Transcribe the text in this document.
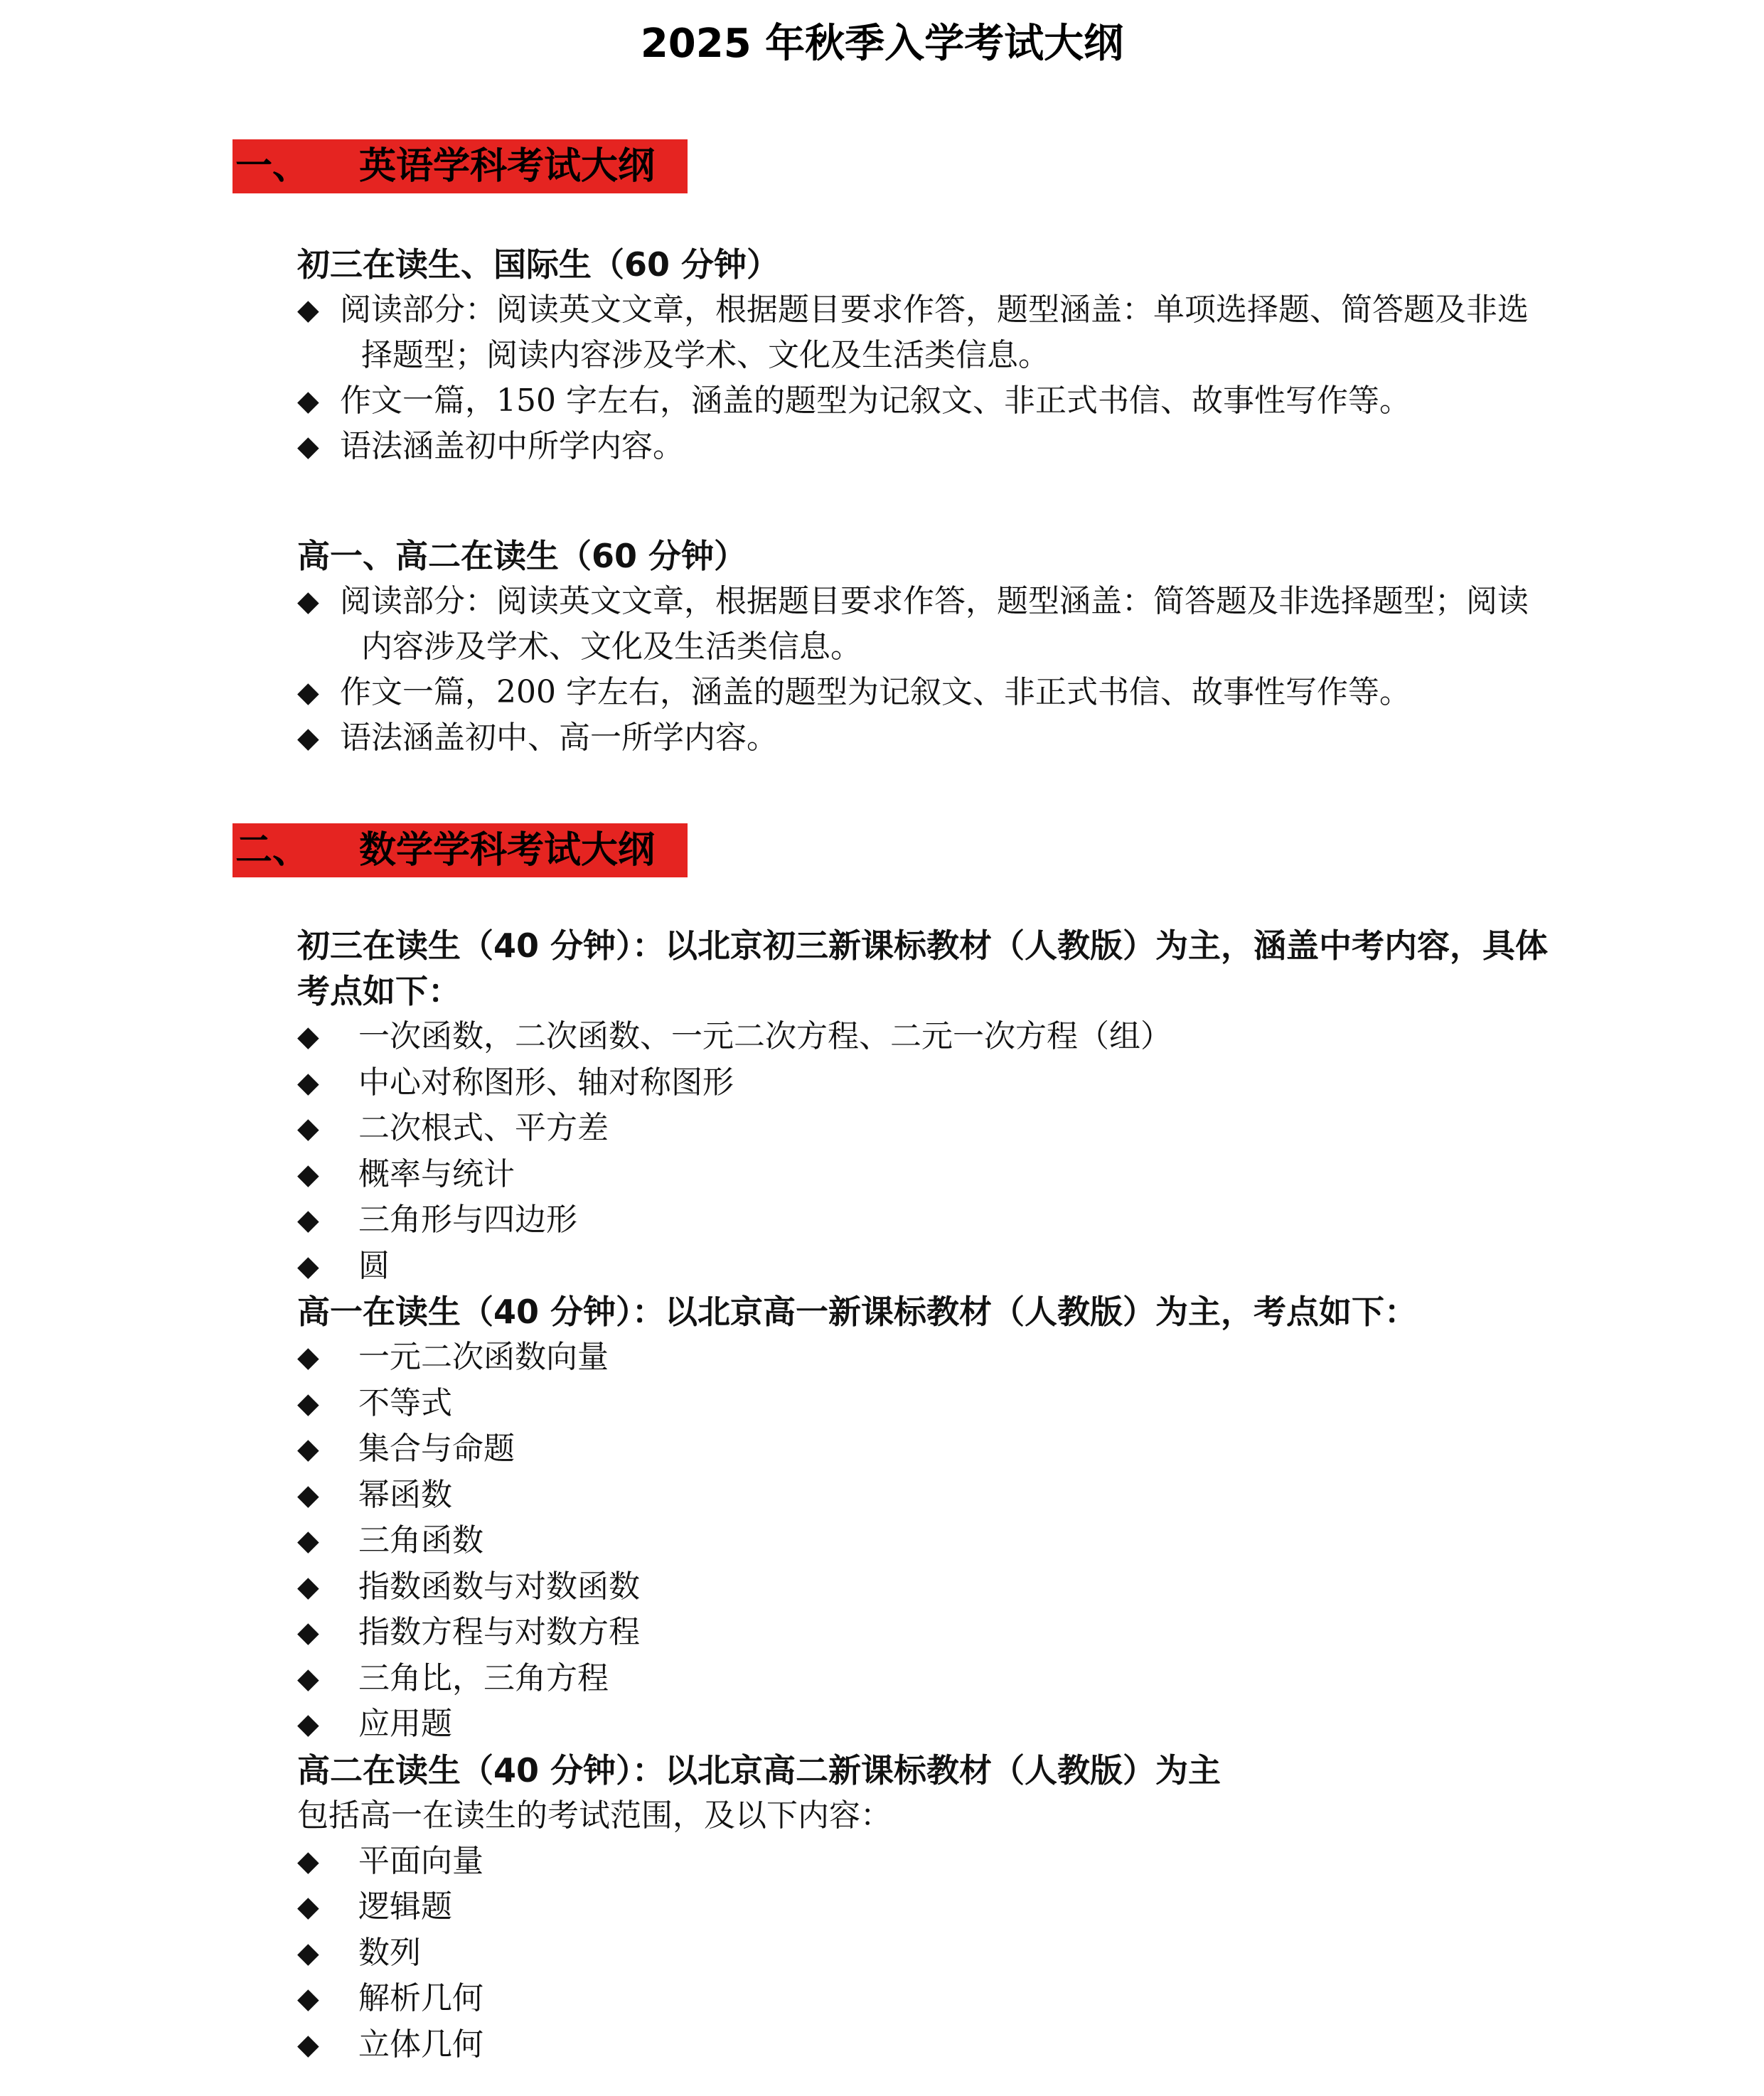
2025 年秋季入学考试大纲
一、 英语学科考试大纲

初三在读生、国际生（60 分钟）

◆ 阅读部分：阅读英文文章，根据题目要求作答，题型涵盖：单项选择题、简答题及非选择题型；阅读内容涉及学术、文化及生活类信息。
◆ 作文一篇，150 字左右，涵盖的题型为记叙文、非正式书信、故事性写作等。
◆ 语法涵盖初中所学内容。

高一、高二在读生（60 分钟）

◆ 阅读部分：阅读英文文章，根据题目要求作答，题型涵盖：简答题及非选择题型；阅读内容涉及学术、文化及生活类信息。
◆ 作文一篇，200 字左右，涵盖的题型为记叙文、非正式书信、故事性写作等。
◆ 语法涵盖初中、高一所学内容。
二、 数学学科考试大纲

初三在读生（40 分钟）：以北京初三新课标教材（人教版）为主，涵盖中考内容，具体考点如下：

◆ 一次函数，二次函数、一元二次方程、二元一次方程（组）
◆ 中心对称图形、轴对称图形
◆ 二次根式、平方差
◆ 概率与统计
◆ 三角形与四边形
◆ 圆

高一在读生（40 分钟）：以北京高一新课标教材（人教版）为主，考点如下：

◆ 一元二次函数向量
◆ 不等式
◆ 集合与命题
◆ 幂函数
◆ 三角函数
◆ 指数函数与对数函数
◆ 指数方程与对数方程
◆ 三角比，三角方程
◆ 应用题

高二在读生（40 分钟）：以北京高二新课标教材（人教版）为主

包括高一在读生的考试范围，及以下内容：

◆ 平面向量
◆ 逻辑题
◆ 数列
◆ 解析几何
◆ 立体几何
